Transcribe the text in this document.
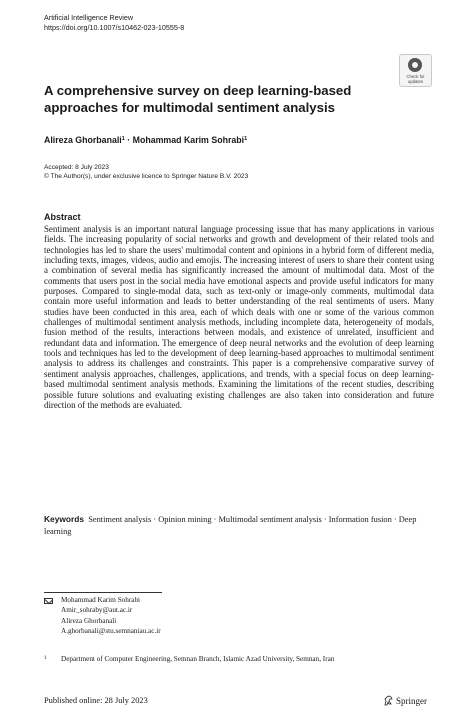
Artificial Intelligence Review
https://doi.org/10.1007/s10462-023-10555-8
Check for
updates
A comprehensive survey on deep learning-based approaches for multimodal sentiment analysis
Alireza Ghorbanali$^1$ · Mohammad Karim Sohrabi$^1$
Accepted: 8 July 2023
© The Author(s), under exclusive licence to Springer Nature B.V. 2023
Abstract
Sentiment analysis is an important natural language processing issue that has many applications in various fields. The increasing popularity of social networks and growth and development of their related tools and technologies has led to share the users' multimodal content and opinions in a hybrid form of different media, including texts, images, videos, audio and emojis. The increasing interest of users to share their content using a combination of several media has significantly increased the amount of multimodal data. Most of the comments that users post in the social media have emotional aspects and provide useful indicators for many purposes. Compared to single-modal data, such as text-only or image-only comments, multimodal data contain more useful information and leads to better understanding of the real sentiments of users. Many studies have been conducted in this area, each of which deals with one or some of the various common challenges of multimodal sentiment analysis methods, including incomplete data, heterogeneity of modals, fusion method of the results, interactions between modals, and existence of unrelated, insufficient and redundant data and information. The emergence of deep neural networks and the evolution of deep learning tools and techniques has led to the development of deep learning-based approaches to multimodal sentiment analysis to address its challenges and constraints. This paper is a comprehensive comparative survey of sentiment analysis approaches, challenges, applications, and trends, with a special focus on deep learning-based multimodal sentiment analysis methods. Examining the limitations of the recent studies, describing possible future solutions and evaluating existing challenges are also taken into consideration and future direction of the methods are evaluated.
Keywords Sentiment analysis · Opinion mining · Multimodal sentiment analysis · Information fusion · Deep learning
Mohammad Karim Sohrabi
Amir_sohraby@aut.ac.ir
Alireza Ghorbanali
A.ghorbanali@stu.semnaniau.ac.ir
1 Department of Computer Engineering, Semnan Branch, Islamic Azad University, Semnan, Iran
Published online: 28 July 2023	Springer
